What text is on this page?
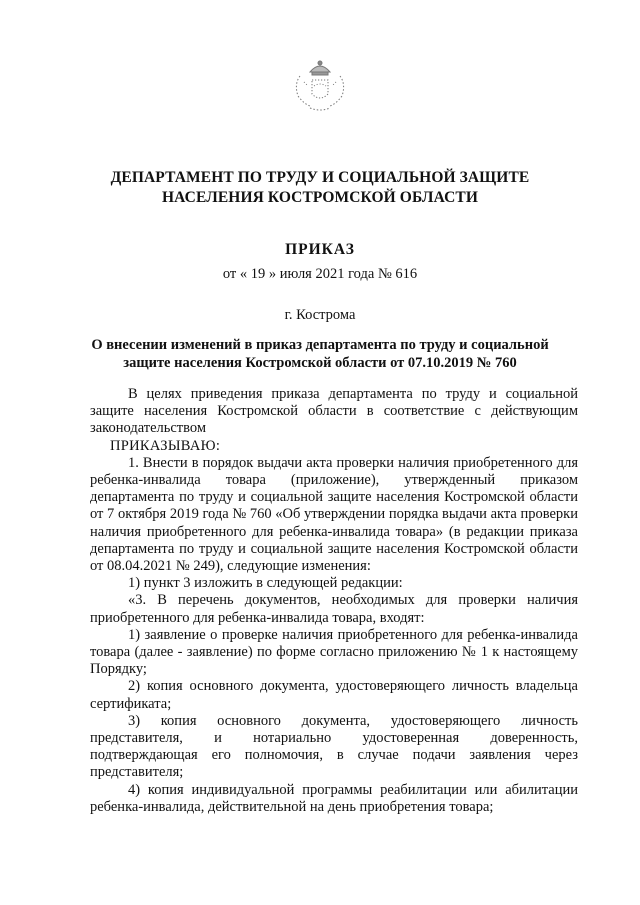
ДЕПАРТАМЕНТ ПО ТРУДУ И СОЦИАЛЬНОЙ ЗАЩИТЕ
НАСЕЛЕНИЯ КОСТРОМСКОЙ ОБЛАСТИ
ПРИКАЗ
от « 19 » июля 2021 года № 616
г. Кострома
О внесении изменений в приказ департамента по труду и социальной
защите населения Костромской области от 07.10.2019 № 760

В целях приведения приказа департамента по труду и социальной защите населения Костромской области в соответствие с действующим законодательством

ПРИКАЗЫВАЮ:

1. Внести в порядок выдачи акта проверки наличия приобретенного для ребенка-инвалида товара (приложение), утвержденный приказом департамента по труду и социальной защите населения Костромской области от 7 октября 2019 года № 760 «Об утверждении порядка выдачи акта проверки наличия приобретенного для ребенка-инвалида товара» (в редакции приказа департамента по труду и социальной защите населения Костромской области от 08.04.2021 № 249), следующие изменения:

1) пункт 3 изложить в следующей редакции:

«3. В перечень документов, необходимых для проверки наличия приобретенного для ребенка-инвалида товара, входят:

1) заявление о проверке наличия приобретенного для ребенка-инвалида товара (далее - заявление) по форме согласно приложению № 1 к настоящему Порядку;

2) копия основного документа, удостоверяющего личность владельца сертификата;

3) копия основного документа, удостоверяющего личность представителя, и нотариально удостоверенная доверенность, подтверждающая его полномочия, в случае подачи заявления через представителя;

4) копия индивидуальной программы реабилитации или абилитации ребенка-инвалида, действительной на день приобретения товара;
